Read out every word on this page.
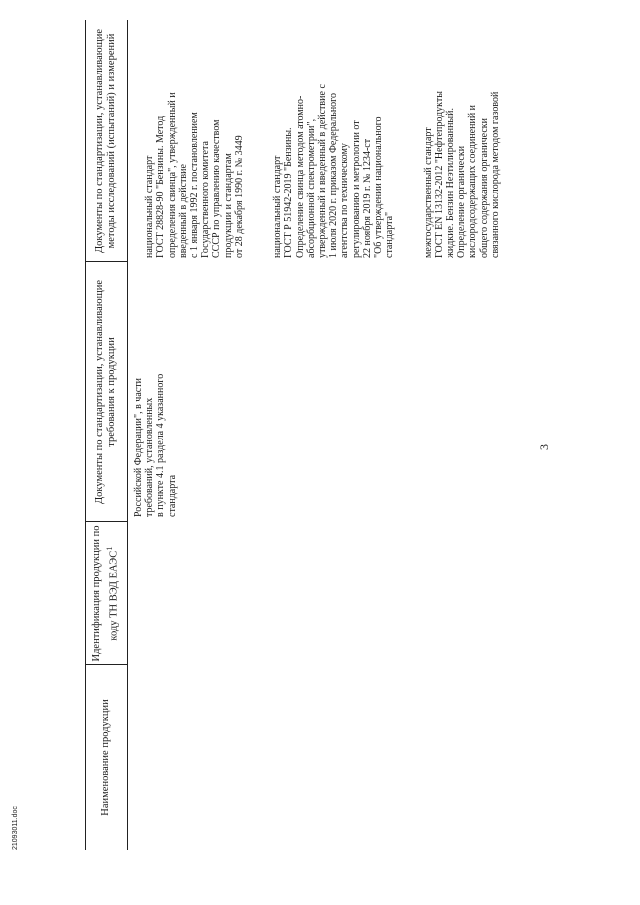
3
Наименование продукции
Идентификация продукции по коду ТН ВЭД ЕАЭС$^1$
Документы по стандартизации, устанавливающие требования к продукции
Документы по стандартизации, устанавливающие методы исследований (испытаний) и измерений
Российской Федерации", в части
требований, установленных
в пункте 4.1 раздела 4 указанного
стандарта

национальный стандарт
ГОСТ 28828-90 "Бензины. Метод
определения свинца", утвержденный и
введенный в действие
с 1 января 1992 г. постановлением
Государственного комитета
СССР по управлению качеством
продукции и стандартам
от 28 декабря 1990 г. № 3449

национальный стандарт
ГОСТ Р 51942-2019 "Бензины.
Определение свинца методом атомно-
абсорбционной спектрометрии",
утвержденный и введенный в действие с
1 июля 2020 г. приказом Федерального
агентства по техническому
регулированию и метрологии от
22 ноября 2019 г. № 1234-ст
"Об утверждении национального
стандарта"	межгосударственный стандарт
ГОСТ EN 13132-2012 "Нефтепродукты
жидкие. Бензин Неэтилированный.
Определение органически
кислородсодержащих соединений и
общего содержания органически
связанного кислорода методом газовой

21093011.doc
